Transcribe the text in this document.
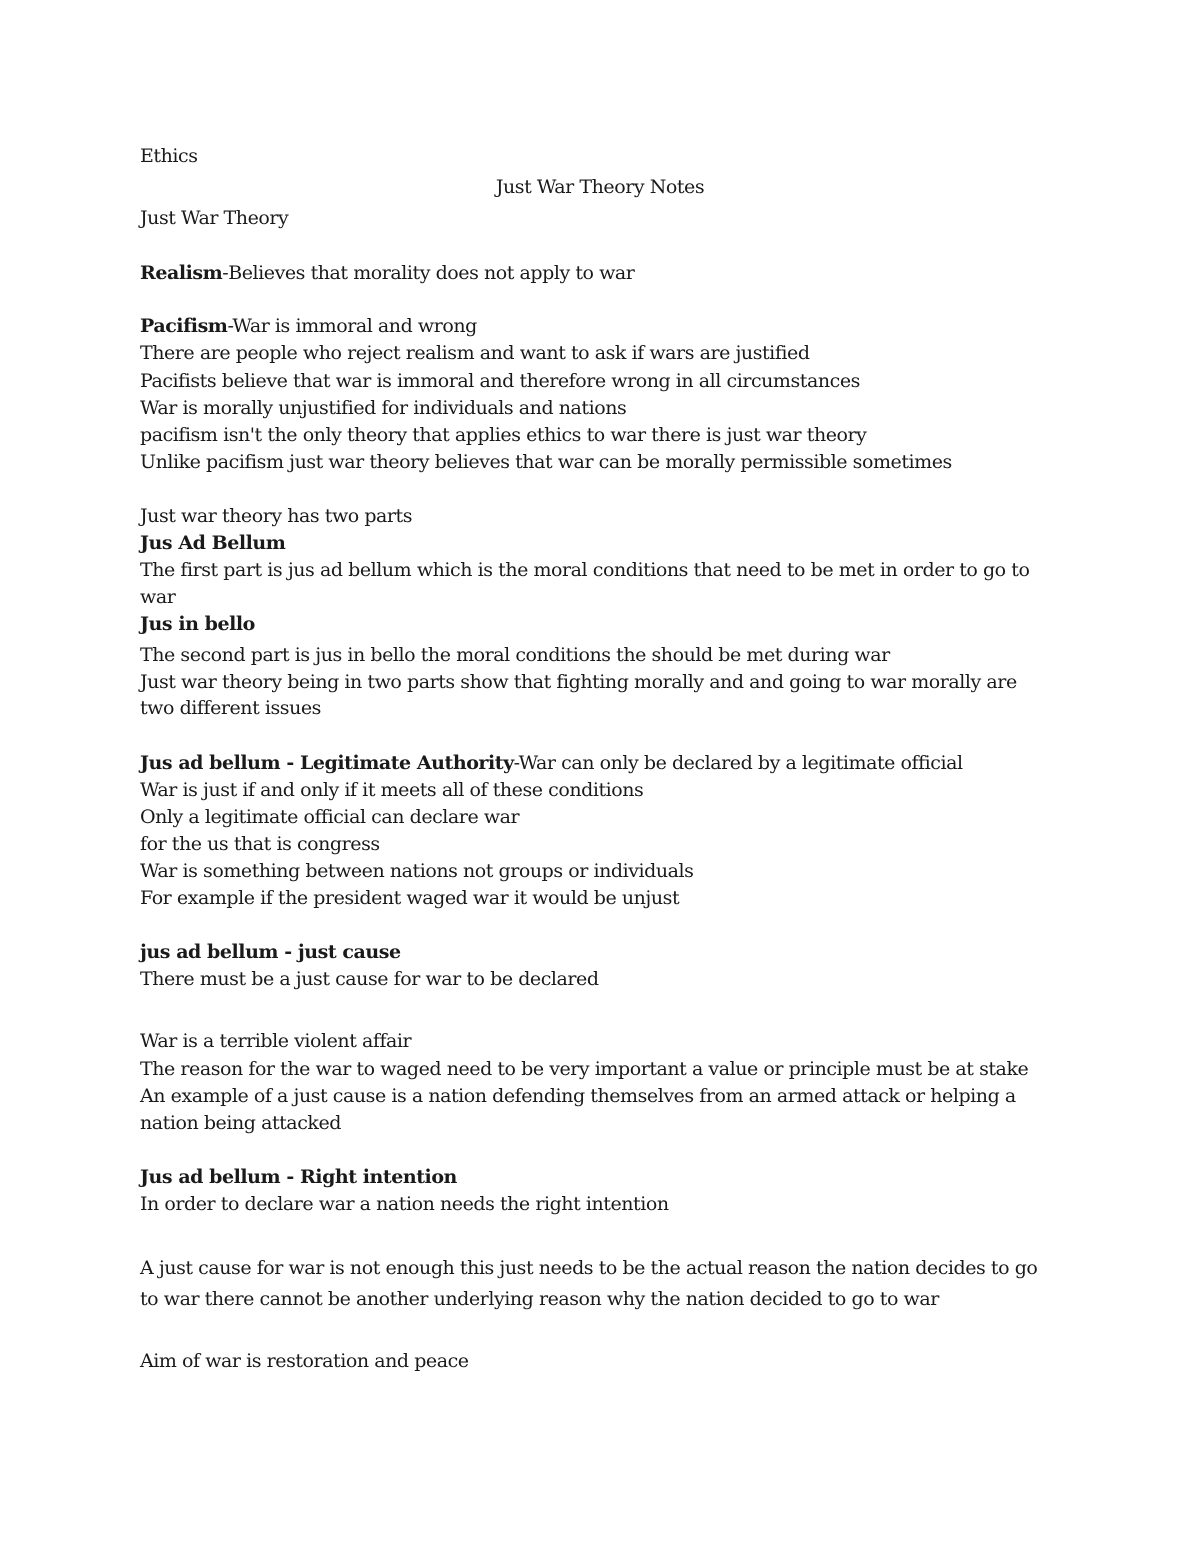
Ethics
Just War Theory Notes
Just War Theory
Realism-Believes that morality does not apply to war
Pacifism-War is immoral and wrong
There are people who reject realism and want to ask if wars are justified
Pacifists believe that war is immoral and therefore wrong in all circumstances
War is morally unjustified for individuals and nations
pacifism isn't the only theory that applies ethics to war there is just war theory
Unlike pacifism just war theory believes that war can be morally permissible sometimes
Just war theory has two parts
Jus Ad Bellum
The first part is jus ad bellum which is the moral conditions that need to be met in order to go to
war
Jus in bello
The second part is jus in bello the moral conditions the should be met during war
Just war theory being in two parts show that fighting morally and and going to war morally are
two different issues
Jus ad bellum - Legitimate Authority-War can only be declared by a legitimate official
War is just if and only if it meets all of these conditions
Only a legitimate official can declare war
for the us that is congress
War is something between nations not groups or individuals
For example if the president waged war it would be unjust
jus ad bellum - just cause
There must be a just cause for war to be declared
War is a terrible violent affair
The reason for the war to waged need to be very important a value or principle must be at stake
An example of a just cause is a nation defending themselves from an armed attack or helping a
nation being attacked
Jus ad bellum - Right intention
In order to declare war a nation needs the right intention
A just cause for war is not enough this just needs to be the actual reason the nation decides to go
to war there cannot be another underlying reason why the nation decided to go to war
Aim of war is restoration and peace
